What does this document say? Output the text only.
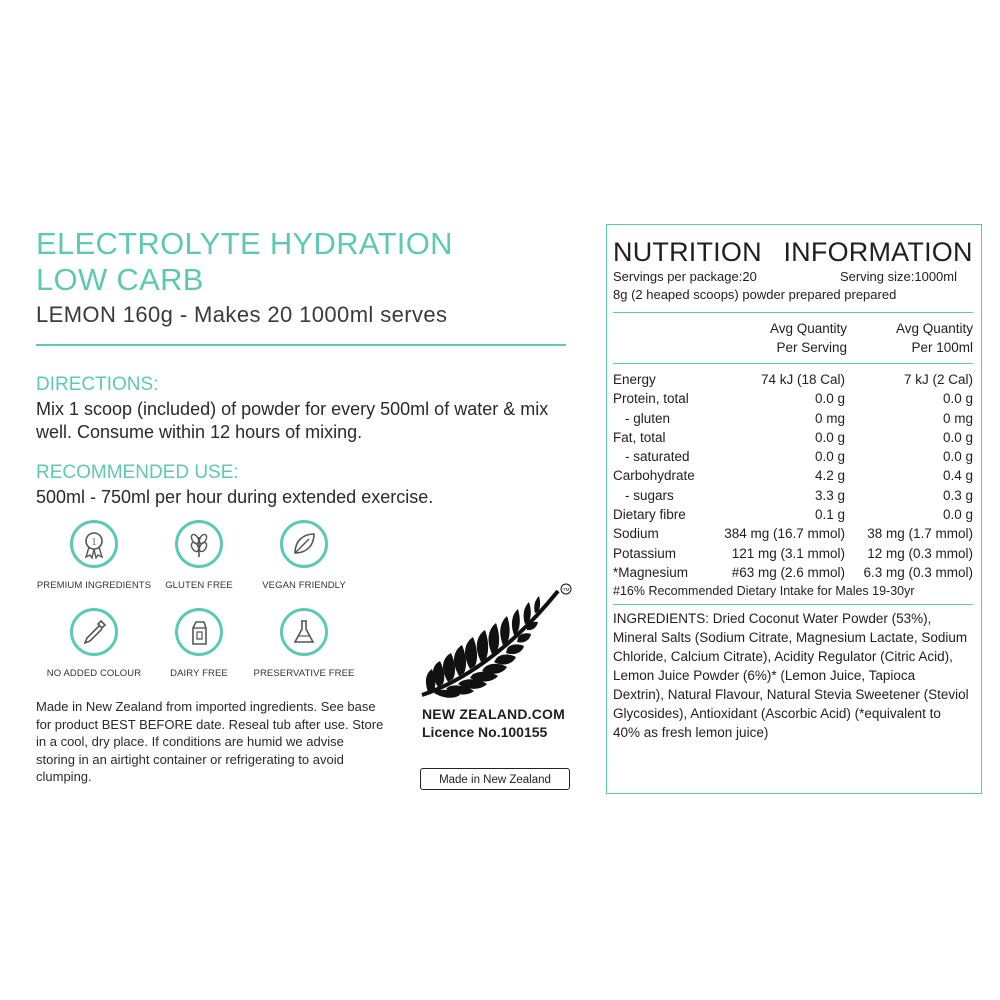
ELECTROLYTE HYDRATION
LOW CARB
LEMON 160g - Makes 20 1000ml serves
DIRECTIONS:
Mix 1 scoop (included) of powder for every 500ml of water & mix well. Consume within 12 hours of mixing.
RECOMMENDED USE:
500ml - 750ml per hour during extended exercise.
1
PREMIUM INGREDIENTS	GLUTEN FREE	VEGAN FRIENDLY
NO ADDED COLOUR	DAIRY FREE	PRESERVATIVE FREE
Made in New Zealand from imported ingredients. See base for product BEST BEFORE date. Reseal tub after use. Store in a cool, dry place. If conditions are humid we advise storing in an airtight container or refrigerating to avoid clumping.
TM
NEW ZEALAND.COM
Licence No.100155
Made in New Zealand
NUTRITION INFORMATION
Servings per package:20	Serving size:1000ml
8g (2 heaped scoops) powder prepared prepared
Avg Quantity
Per Serving
Avg Quantity
Per 100ml
Energy	74 kJ (18 Cal)	7 kJ (2 Cal)
Protein, total	0.0 g	0.0 g
- gluten	0 mg	0 mg
Fat, total	0.0 g	0.0 g
- saturated	0.0 g	0.0 g
Carbohydrate	4.2 g	0.4 g
- sugars	3.3 g	0.3 g
Dietary fibre	0.1 g	0.0 g
Sodium	384 mg (16.7 mmol)	38 mg (1.7 mmol)
Potassium	121 mg (3.1 mmol)	12 mg (0.3 mmol)
*Magnesium	#63 mg (2.6 mmol)	6.3 mg (0.3 mmol)
#16% Recommended Dietary Intake for Males 19-30yr
INGREDIENTS: Dried Coconut Water Powder (53%), Mineral Salts (Sodium Citrate, Magnesium Lactate, Sodium Chloride, Calcium Citrate), Acidity Regulator (Citric Acid), Lemon Juice Powder (6%)* (Lemon Juice, Tapioca Dextrin), Natural Flavour, Natural Stevia Sweetener (Steviol Glycosides), Antioxidant (Ascorbic Acid) (*equivalent to 40% as fresh lemon juice)
